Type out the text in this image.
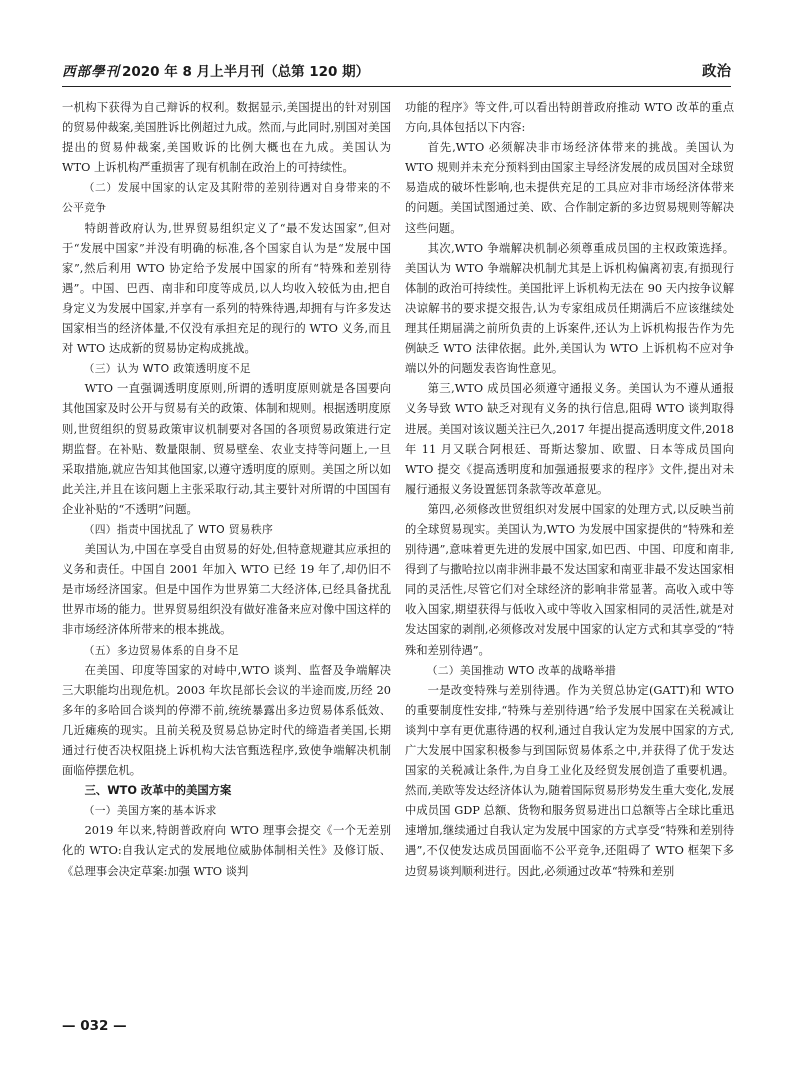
西部學刊 2020 年 8 月上半月刊（总第 120 期）	政治

一机构下获得为自己辩诉的权利。数据显示,美国提出的针对别国的贸易仲裁案,美国胜诉比例超过九成。然而,与此同时,别国对美国提出的贸易仲裁案,美国败诉的比例大概也在九成。美国认为 WTO 上诉机构严重损害了现有机制在政治上的可持续性。

（二）发展中国家的认定及其附带的差别待遇对自身带来的不公平竞争

特朗普政府认为,世界贸易组织定义了“最不发达国家”,但对于“发展中国家”并没有明确的标准,各个国家自认为是“发展中国家”,然后利用 WTO 协定给予发展中国家的所有“特殊和差别待遇”。中国、巴西、南非和印度等成员,以人均收入较低为由,把自身定义为发展中国家,并享有一系列的特殊待遇,却拥有与许多发达国家相当的经济体量,不仅没有承担充足的现行的 WTO 义务,而且对 WTO 达成新的贸易协定构成挑战。

（三）认为 WTO 政策透明度不足

WTO 一直强调透明度原则,所谓的透明度原则就是各国要向其他国家及时公开与贸易有关的政策、体制和规则。根据透明度原则,世贸组织的贸易政策审议机制要对各国的各项贸易政策进行定期监督。在补贴、数量限制、贸易壁垒、农业支持等问题上,一旦采取措施,就应告知其他国家,以遵守透明度的原则。美国之所以如此关注,并且在该问题上主张采取行动,其主要针对所谓的中国国有企业补贴的“不透明”问题。

（四）指责中国扰乱了 WTO 贸易秩序

美国认为,中国在享受自由贸易的好处,但特意规避其应承担的义务和责任。中国自 2001 年加入 WTO 已经 19 年了,却仍旧不是市场经济国家。但是中国作为世界第二大经济体,已经具备扰乱世界市场的能力。世界贸易组织没有做好准备来应对像中国这样的非市场经济体所带来的根本挑战。

（五）多边贸易体系的自身不足

在美国、印度等国家的对峙中,WTO 谈判、监督及争端解决三大职能均出现危机。2003 年坎昆部长会议的半途而废,历经 20 多年的多哈回合谈判的停滞不前,统统暴露出多边贸易体系低效、几近瘫痪的现实。且前关税及贸易总协定时代的缔造者美国,长期通过行使否决权阻挠上诉机构大法官甄选程序,致使争端解决机制面临停摆危机。

三、WTO 改革中的美国方案

（一）美国方案的基本诉求

2019 年以来,特朗普政府向 WTO 理事会提交《一个无差别化的 WTO:自我认定式的发展地位威胁体制相关性》及修订版、《总理事会决定草案:加强 WTO 谈判

功能的程序》等文件,可以看出特朗普政府推动 WTO 改革的重点方向,具体包括以下内容:

首先,WTO 必须解决非市场经济体带来的挑战。美国认为 WTO 规则并未充分预料到由国家主导经济发展的成员国对全球贸易造成的破坏性影响,也未提供充足的工具应对非市场经济体带来的问题。美国试图通过美、欧、合作制定新的多边贸易规则等解决这些问题。

其次,WTO 争端解决机制必须尊重成员国的主权政策选择。美国认为 WTO 争端解决机制尤其是上诉机构偏离初衷,有损现行体制的政治可持续性。美国批评上诉机构无法在 90 天内按争议解决谅解书的要求提交报告,认为专家组成员任期满后不应该继续处理其任期届满之前所负责的上诉案件,还认为上诉机构报告作为先例缺乏 WTO 法律依据。此外,美国认为 WTO 上诉机构不应对争端以外的问题发表咨询性意见。

第三,WTO 成员国必须遵守通报义务。美国认为不遵从通报义务导致 WTO 缺乏对现有义务的执行信息,阻碍 WTO 谈判取得进展。美国对该议题关注已久,2017 年提出提高透明度文件,2018 年 11 月又联合阿根廷、哥斯达黎加、欧盟、日本等成员国向 WTO 提交《提高透明度和加强通报要求的程序》文件,提出对未履行通报义务设置惩罚条款等改革意见。

第四,必须修改世贸组织对发展中国家的处理方式,以反映当前的全球贸易现实。美国认为,WTO 为发展中国家提供的“特殊和差别待遇”,意味着更先进的发展中国家,如巴西、中国、印度和南非,得到了与撒哈拉以南非洲非最不发达国家和南亚非最不发达国家相同的灵活性,尽管它们对全球经济的影响非常显著。高收入或中等收入国家,期望获得与低收入或中等收入国家相同的灵活性,就是对发达国家的剥削,必须修改对发展中国家的认定方式和其享受的“特殊和差别待遇”。

（二）美国推动 WTO 改革的战略举措

一是改变特殊与差别待遇。作为关贸总协定(GATT)和 WTO 的重要制度性安排,“特殊与差别待遇”给予发展中国家在关税减让谈判中享有更优惠待遇的权利,通过自我认定为发展中国家的方式,广大发展中国家积极参与到国际贸易体系之中,并获得了优于发达国家的关税减让条件,为自身工业化及经贸发展创造了重要机遇。然而,美欧等发达经济体认为,随着国际贸易形势发生重大变化,发展中成员国 GDP 总额、货物和服务贸易进出口总额等占全球比重迅速增加,继续通过自我认定为发展中国家的方式享受“特殊和差别待遇”,不仅使发达成员国面临不公平竞争,还阻碍了 WTO 框架下多边贸易谈判顺利进行。因此,必须通过改革“特殊和差别

— 032 —
